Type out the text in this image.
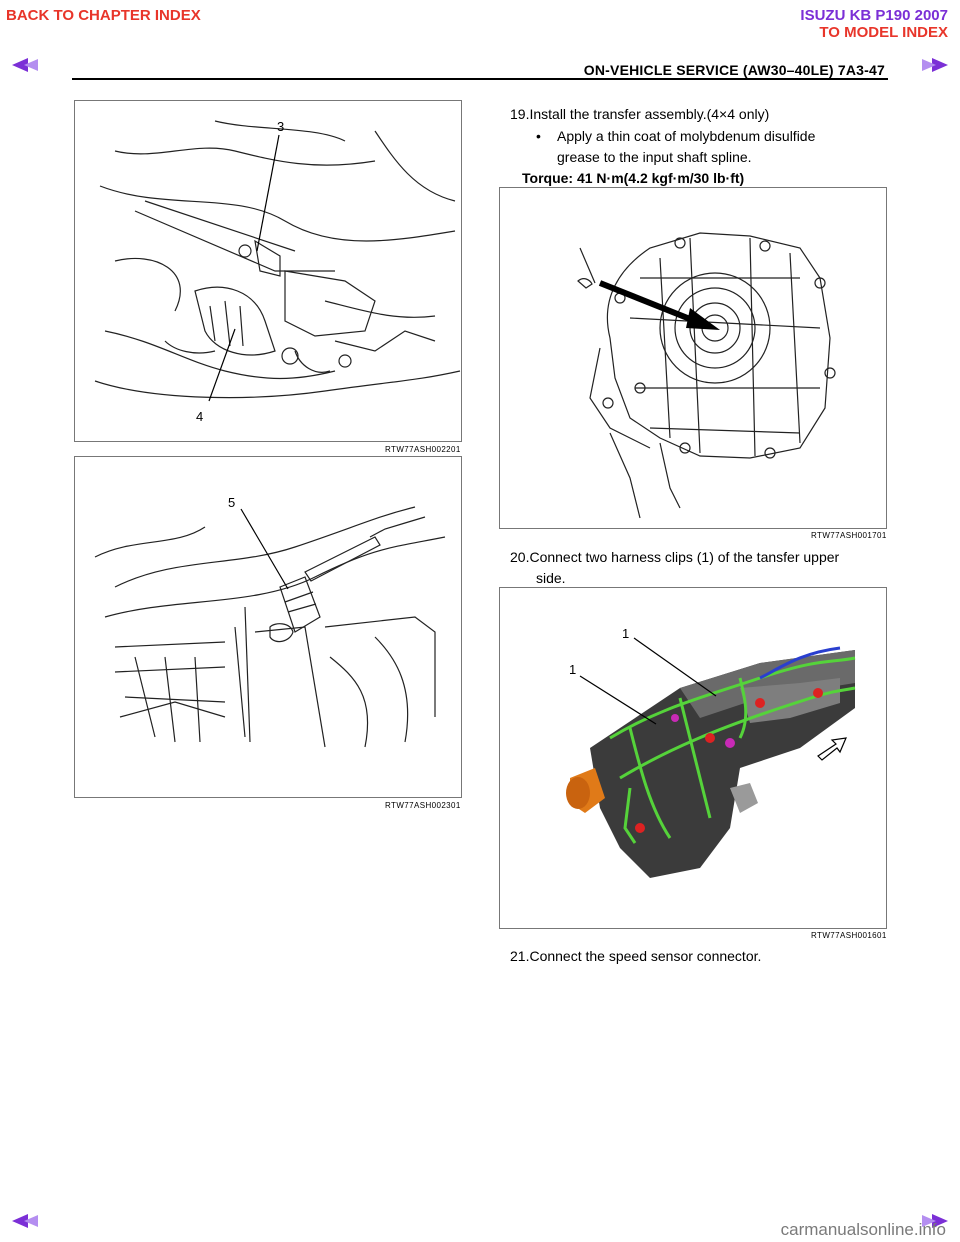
BACK TO CHAPTER INDEX	ISUZU KB P190 2007
TO MODEL INDEX
ON-VEHICLE SERVICE (AW30–40LE) 7A3-47
3
4
RTW77ASH002201
5
RTW77ASH002301
19.Install the transfer assembly.(4×4 only)
• Apply a thin coat of molybdenum disulfide
grease to the input shaft spline.
Torque: 41 N·m(4.2 kgf·m/30 lb·ft)
RTW77ASH001701
20.Connect two harness clips (1) of the tansfer upper
side.
1
1
RTW77ASH001601
21.Connect the speed sensor connector.
carmanualsonline.info
